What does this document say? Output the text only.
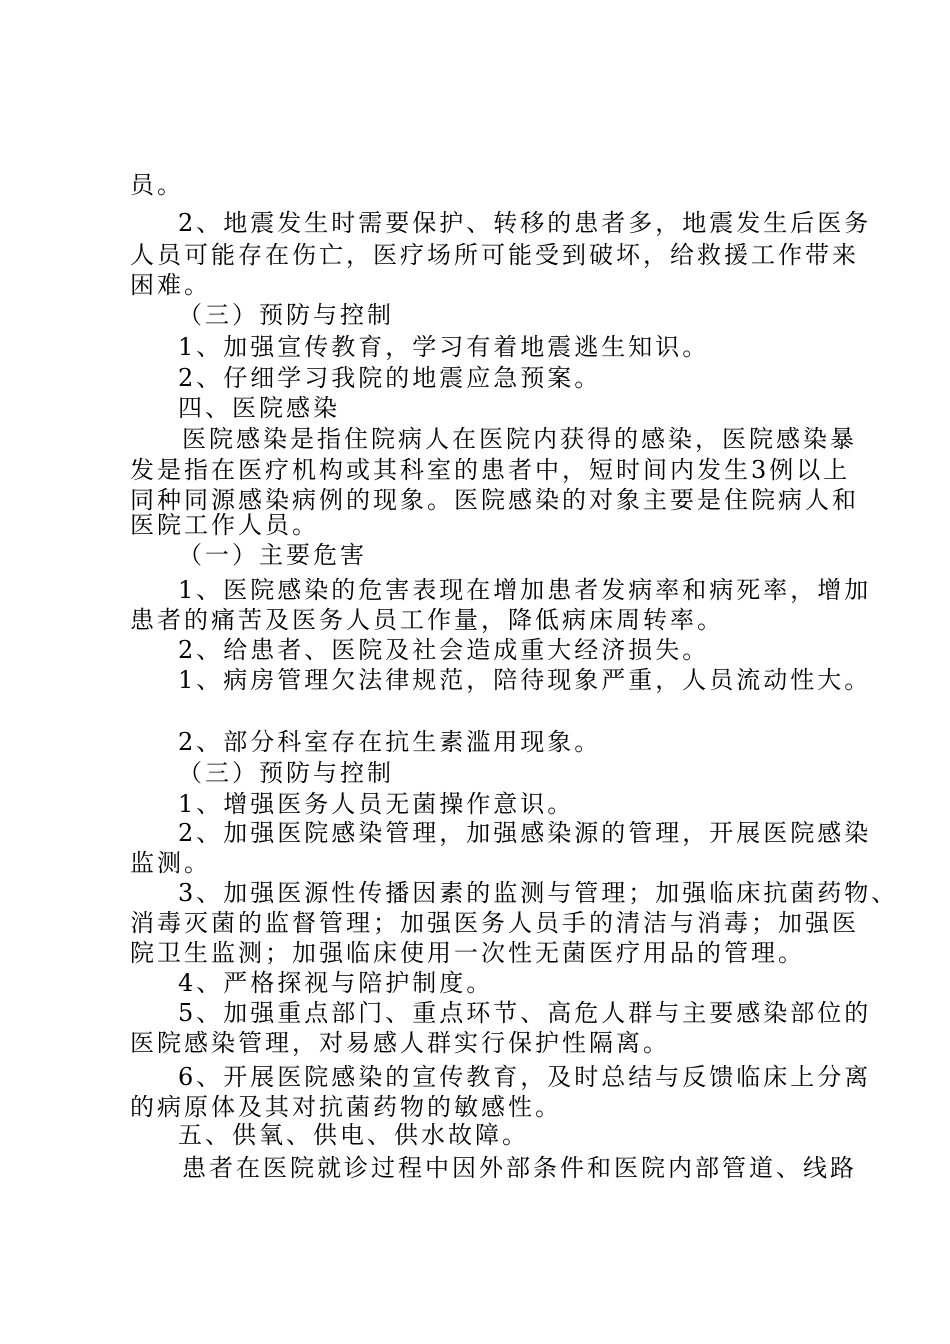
员。
2、地震发生时需要保护、转移的患者多，地震发生后医务
人员可能存在伤亡，医疗场所可能受到破坏，给救援工作带来
困难。
（三）预防与控制
1、加强宣传教育，学习有着地震逃生知识。
2、仔细学习我院的地震应急预案。
四、医院感染
医院感染是指住院病人在医院内获得的感染，医院感染暴
发是指在医疗机构或其科室的患者中，短时间内发生3例以上
同种同源感染病例的现象。医院感染的对象主要是住院病人和
医院工作人员。
（一）主要危害
1、医院感染的危害表现在增加患者发病率和病死率，增加
患者的痛苦及医务人员工作量，降低病床周转率。
2、给患者、医院及社会造成重大经济损失。
1、病房管理欠法律规范，陪待现象严重，人员流动性大。
2、部分科室存在抗生素滥用现象。
（三）预防与控制
1、增强医务人员无菌操作意识。
2、加强医院感染管理，加强感染源的管理，开展医院感染
监测。
3、加强医源性传播因素的监测与管理；加强临床抗菌药物、
消毒灭菌的监督管理；加强医务人员手的清洁与消毒；加强医
院卫生监测；加强临床使用一次性无菌医疗用品的管理。
4、严格探视与陪护制度。
5、加强重点部门、重点环节、高危人群与主要感染部位的
医院感染管理，对易感人群实行保护性隔离。
6、开展医院感染的宣传教育，及时总结与反馈临床上分离
的病原体及其对抗菌药物的敏感性。
五、供氧、供电、供水故障。
患者在医院就诊过程中因外部条件和医院内部管道、线路
